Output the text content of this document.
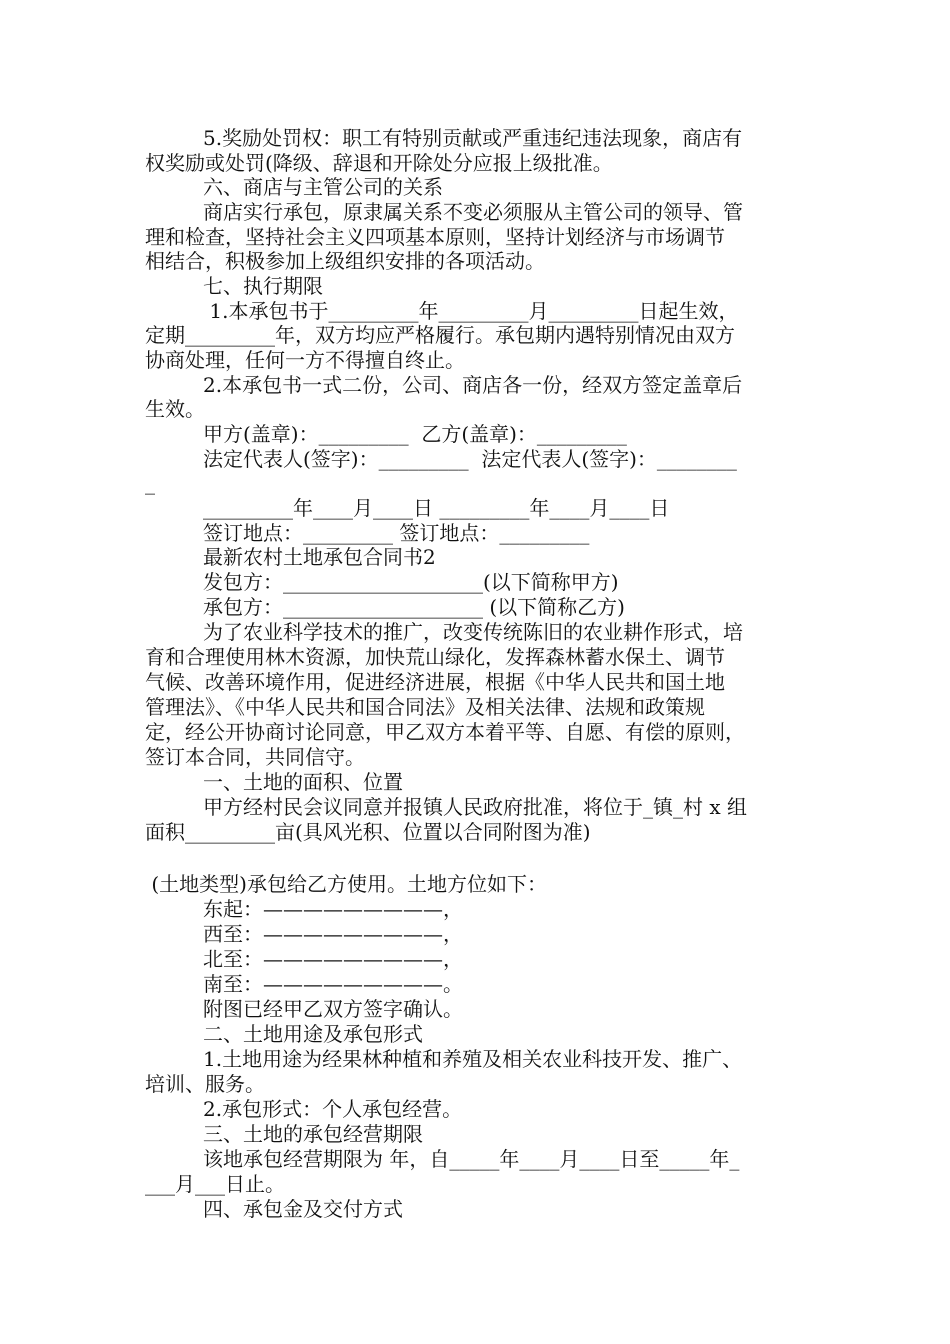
5.奖励处罚权：职工有特别贡献或严重违纪违法现象，商店有
权奖励或处罚(降级、辞退和开除处分应报上级批准。
六、商店与主管公司的关系
商店实行承包，原隶属关系不变必须服从主管公司的领导、管
理和检查，坚持社会主义四项基本原则，坚持计划经济与市场调节
相结合，积极参加上级组织安排的各项活动。
七、执行期限
1.本承包书于_________年_________月_________日起生效，
定期_________年，双方均应严格履行。承包期内遇特别情况由双方
协商处理，任何一方不得擅自终止。
2.本承包书一式二份，公司、商店各一份，经双方签定盖章后
生效。
甲方(盖章)：_________  乙方(盖章)：_________
法定代表人(签字)：_________  法定代表人(签字)：________
_
_________年____月____日 _________年____月____日
签订地点：_________ 签订地点：_________
最新农村土地承包合同书2
发包方：____________________(以下简称甲方)
承包方：____________________ (以下简称乙方)
为了农业科学技术的推广，改变传统陈旧的农业耕作形式，培
育和合理使用林木资源，加快荒山绿化，发挥森林蓄水保土、调节
气候、改善环境作用，促进经济进展，根据《中华人民共和国土地
管理法》、《中华人民共和国合同法》及相关法律、法规和政策规
定，经公开协商讨论同意，甲乙双方本着平等、自愿、有偿的原则，
签订本合同，共同信守。
一、土地的面积、位置
甲方经村民会议同意并报镇人民政府批准，将位于_镇_村 x 组
面积_________亩(具风光积、位置以合同附图为准)
(土地类型)承包给乙方使用。土地方位如下：
东起：—————————，
西至：—————————，
北至：—————————，
南至：—————————。
附图已经甲乙双方签字确认。
二、土地用途及承包形式
1.土地用途为经果林种植和养殖及相关农业科技开发、推广、
培训、服务。
2.承包形式：个人承包经营。
三、土地的承包经营期限
该地承包经营期限为 年，自_____年____月____日至_____年_
___月___日止。
四、承包金及交付方式
